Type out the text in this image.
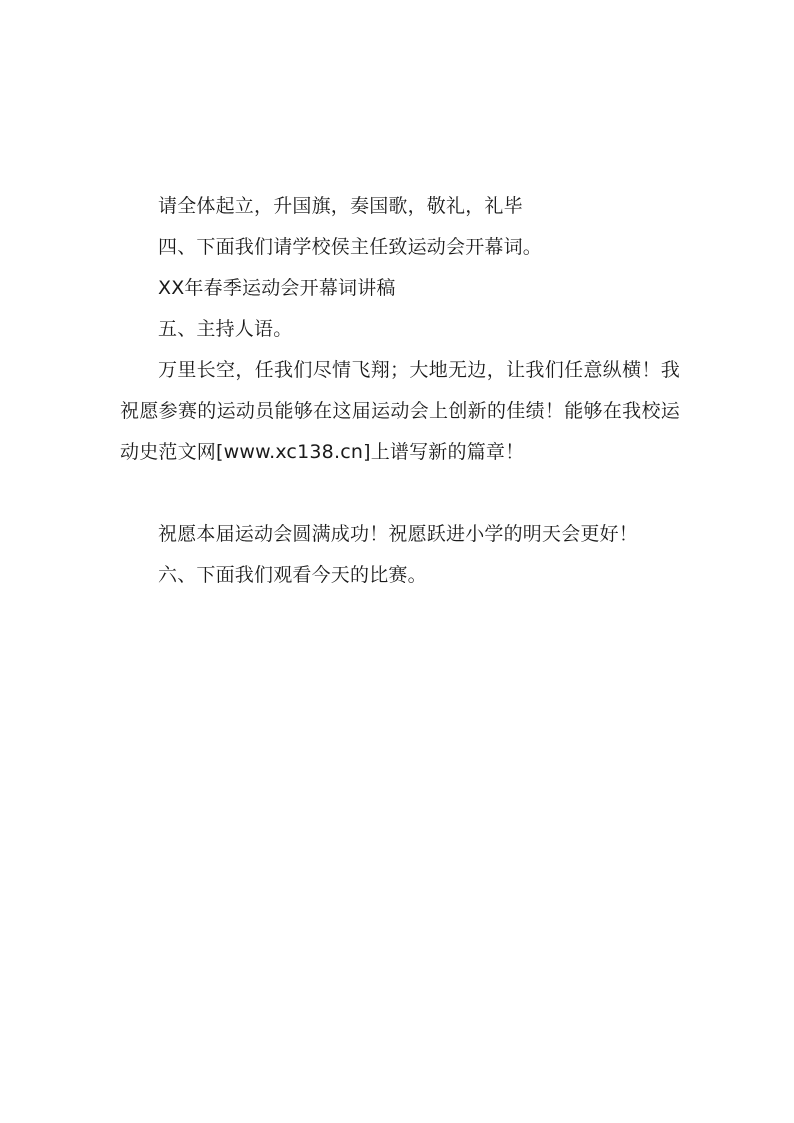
请全体起立，升国旗，奏国歌，敬礼，礼毕

四、下面我们请学校侯主任致运动会开幕词。

XX年春季运动会开幕词讲稿

五、主持人语。

万里长空，任我们尽情飞翔；大地无边，让我们任意纵横！我祝愿参赛的运动员能够在这届运动会上创新的佳绩！能够在我校运动史范文网[www.xc138.cn]上谱写新的篇章！

祝愿本届运动会圆满成功！祝愿跃进小学的明天会更好！

六、下面我们观看今天的比赛。
